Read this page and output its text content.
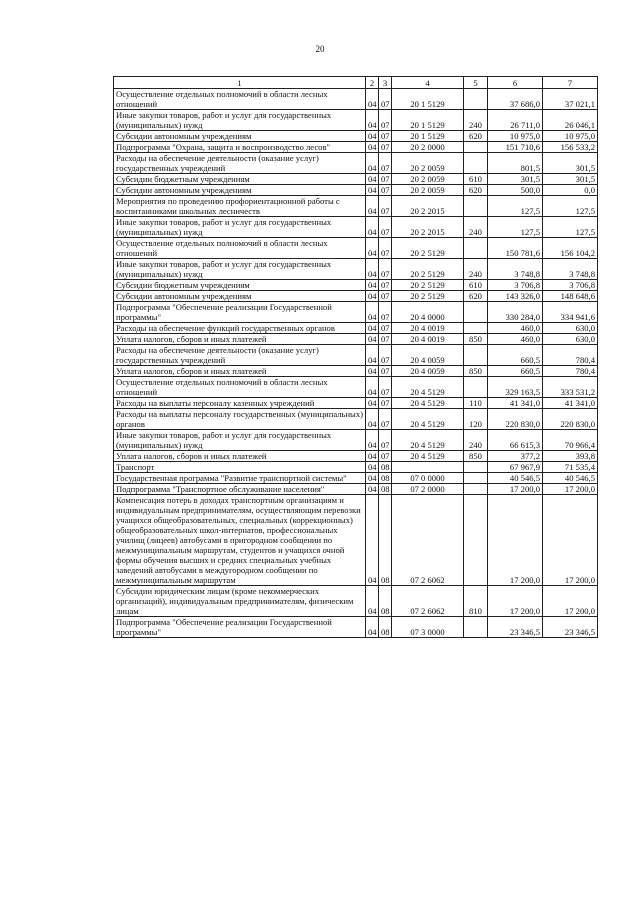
20
1	2	3	4	5	6	7
Осуществление отдельных полномочий в области лесных отношений	04	07	20 1 5129		37 686,0	37 021,1
Иные закупки товаров, работ и услуг для государственных (муниципальных) нужд	04	07	20 1 5129	240	26 711,0	26 046,1
Субсидии автономным учреждениям	04	07	20 1 5129	620	10 975,0	10 975,0
Подпрограмма "Охрана, защита и воспроизводство лесов"	04	07	20 2 0000		151 710,6	156 533,2
Расходы на обеспечение деятельности (оказание услуг) государственных учреждений	04	07	20 2 0059		801,5	301,5
Субсидии бюджетным учреждениям	04	07	20 2 0059	610	301,5	301,5
Субсидии автономным учреждениям	04	07	20 2 0059	620	500,0	0,0
Мероприятия по проведению профориентационной работы с воспитанниками школьных лесничеств	04	07	20 2 2015		127,5	127,5
Иные закупки товаров, работ и услуг для государственных (муниципальных) нужд	04	07	20 2 2015	240	127,5	127,5
Осуществление отдельных полномочий в области лесных отношений	04	07	20 2 5129		150 781,6	156 104,2
Иные закупки товаров, работ и услуг для государственных (муниципальных) нужд	04	07	20 2 5129	240	3 748,8	3 748,8
Субсидии бюджетным учреждениям	04	07	20 2 5129	610	3 706,8	3 706,8
Субсидии автономным учреждениям	04	07	20 2 5129	620	143 326,0	148 648,6
Подпрограмма "Обеспечение реализации Государственной программы"	04	07	20 4 0000		330 284,0	334 941,6
Расходы на обеспечение функций государственных органов	04	07	20 4 0019		460,0	630,0
Уплата налогов, сборов и иных платежей	04	07	20 4 0019	850	460,0	630,0
Расходы на обеспечение деятельности (оказание услуг) государственных учреждений	04	07	20 4 0059		660,5	780,4
Уплата налогов, сборов и иных платежей	04	07	20 4 0059	850	660,5	780,4
Осуществление отдельных полномочий в области лесных отношений	04	07	20 4 5129		329 163,5	333 531,2
Расходы на выплаты персоналу казенных учреждений	04	07	20 4 5129	110	41 341,0	41 341,0
Расходы на выплаты персоналу государственных (муниципальных) органов	04	07	20 4 5129	120	220 830,0	220 830,0
Иные закупки товаров, работ и услуг для государственных (муниципальных) нужд	04	07	20 4 5129	240	66 615,3	70 966,4
Уплата налогов, сборов и иных платежей	04	07	20 4 5129	850	377,2	393,8
Транспорт	04	08			67 967,9	71 535,4
Государственная программа "Развитие транспортной системы"	04	08	07 0 0000		40 546,5	40 546,5
Подпрограмма "Транспортное обслуживание населения"	04	08	07 2 0000		17 200,0	17 200,0
Компенсация потерь в доходах транспортным организациям и индивидуальным предпринимателям, осуществляющим перевозки учащихся общеобразовательных, специальных (коррекционных) общеобразовательных школ-интернатов, профессиональных училищ (лицеев) автобусами в пригородном сообщении по межмуниципальным маршрутам, студентов и учащихся очной формы обучения высших и средних специальных учебных заведений автобусами в междугородном сообщении по межмуниципальным маршрутам	04	08	07 2 6062		17 200,0	17 200,0
Субсидии юридическим лицам (кроме некоммерческих организаций), индивидуальным предпринимателям, физическим лицам	04	08	07 2 6062	810	17 200,0	17 200,0
Подпрограмма "Обеспечение реализации Государственной программы"	04	08	07 3 0000		23 346,5	23 346,5
